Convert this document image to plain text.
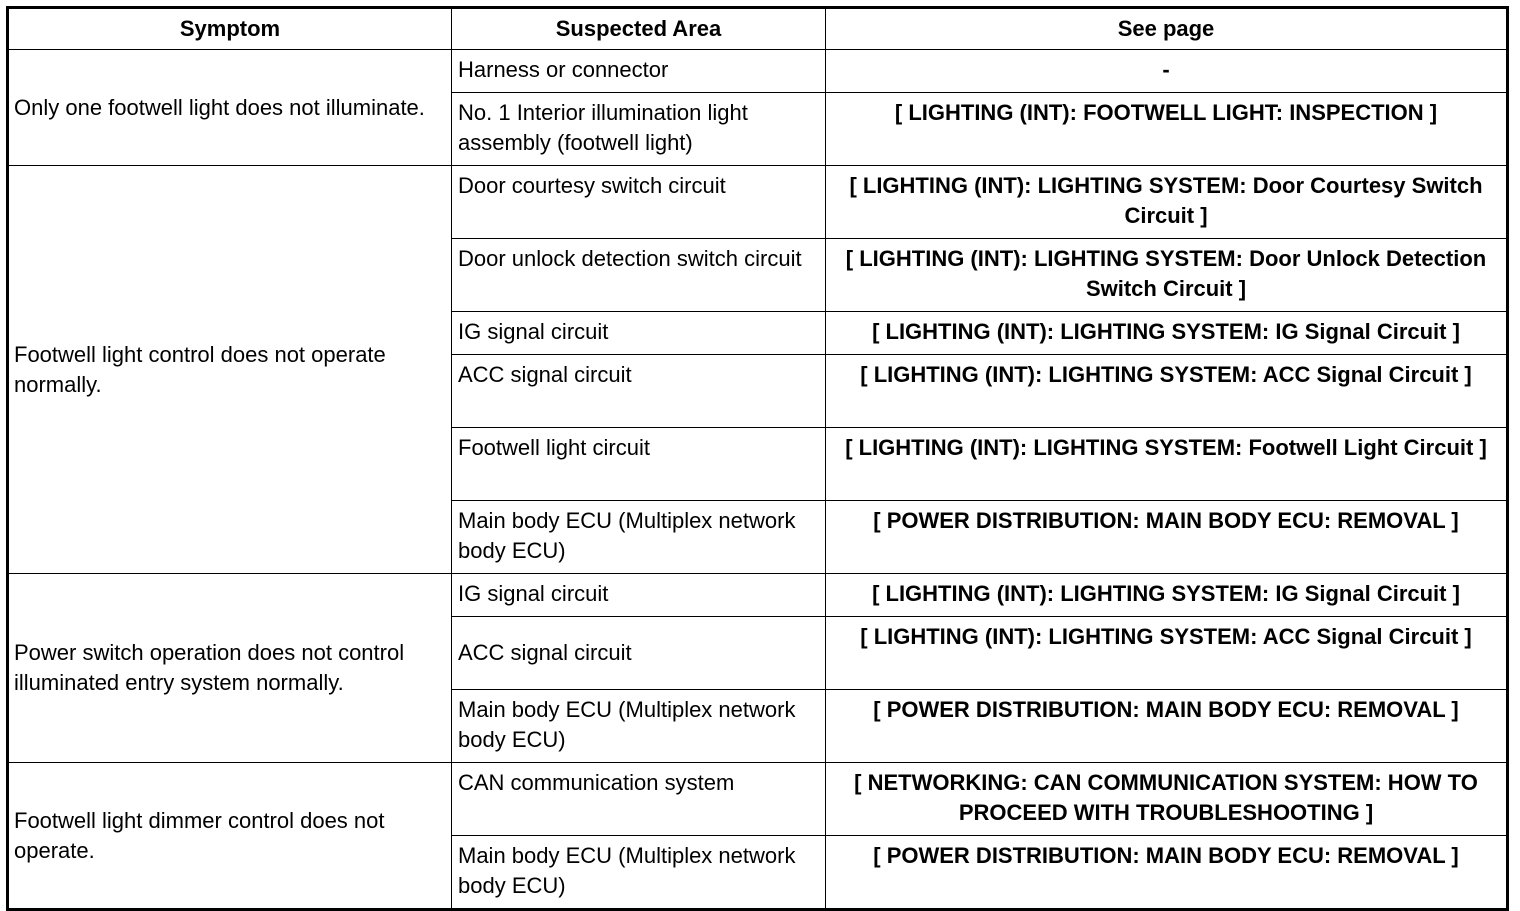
Symptom	Suspected Area	See page
Only one footwell light does not illuminate.	Harness or connector	-
	No. 1 Interior illumination light assembly (footwell light)	[ LIGHTING (INT): FOOTWELL LIGHT: INSPECTION ]
Footwell light control does not operate normally.	Door courtesy switch circuit	[ LIGHTING (INT): LIGHTING SYSTEM: Door Courtesy Switch Circuit ]
	Door unlock detection switch circuit	[ LIGHTING (INT): LIGHTING SYSTEM: Door Unlock Detection Switch Circuit ]
	IG signal circuit	[ LIGHTING (INT): LIGHTING SYSTEM: IG Signal Circuit ]
	ACC signal circuit	[ LIGHTING (INT): LIGHTING SYSTEM: ACC Signal Circuit ]
	Footwell light circuit	[ LIGHTING (INT): LIGHTING SYSTEM: Footwell Light Circuit ]
	Main body ECU (Multiplex network body ECU)	[ POWER DISTRIBUTION: MAIN BODY ECU: REMOVAL ]
Power switch operation does not control illuminated entry system normally.	IG signal circuit	[ LIGHTING (INT): LIGHTING SYSTEM: IG Signal Circuit ]
	ACC signal circuit	[ LIGHTING (INT): LIGHTING SYSTEM: ACC Signal Circuit ]
	Main body ECU (Multiplex network body ECU)	[ POWER DISTRIBUTION: MAIN BODY ECU: REMOVAL ]
Footwell light dimmer control does not operate.	CAN communication system	[ NETWORKING: CAN COMMUNICATION SYSTEM: HOW TO PROCEED WITH TROUBLESHOOTING ]
	Main body ECU (Multiplex network body ECU)	[ POWER DISTRIBUTION: MAIN BODY ECU: REMOVAL ]
